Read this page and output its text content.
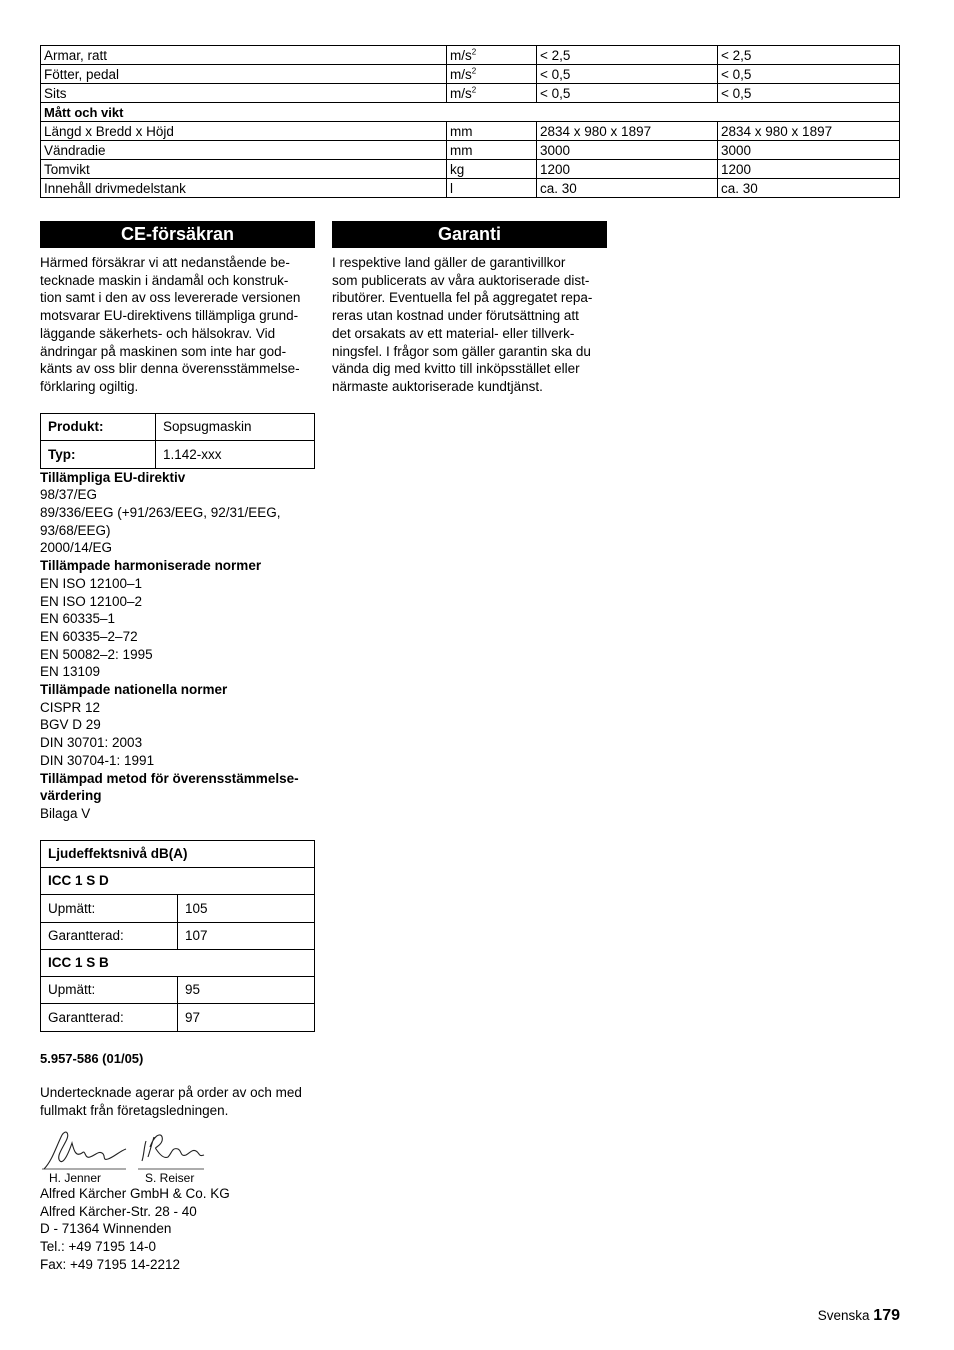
Armar, ratt	$m/s^2$	< 2,5	< 2,5
Fötter, pedal	$m/s^2$	< 0,5	< 0,5
Sits	$m/s^2$	< 0,5	< 0,5
Mått och vikt			
Längd x Bredd x Höjd	mm	2834 x 980 x 1897	2834 x 980 x 1897
Vändradie	mm	3000	3000
Tomvikt	kg	1200	1200
Innehåll drivmedelstank	l	ca. 30	ca. 30
CE-försäkran

Härmed försäkrar vi att nedanstående be-

tecknade maskin i ändamål och konstruk-

tion samt i den av oss levererade versionen

motsvarar EU-direktivens tillämpliga grund-

läggande säkerhets- och hälsokrav. Vid

ändringar på maskinen som inte har god-

känts av oss blir denna överensstämmelse-

förklaring ogiltig.

Produkt:	Sopsugmaskin
Typ:	1.142-xxx

Tillämpliga EU-direktiv

98/37/EG

89/336/EEG (+91/263/EEG, 92/31/EEG,

93/68/EEG)

2000/14/EG

Tillämpade harmoniserade normer

EN ISO 12100–1

EN ISO 12100–2

EN 60335–1

EN 60335–2–72

EN 50082–2: 1995

EN 13109

Tillämpade nationella normer

CISPR 12

BGV D 29

DIN 30701: 2003

DIN 30704-1: 1991

Tillämpad metod för överensstämmelse-

värdering

Bilaga V

Ljudeffektsnivå dB(A)	
ICC 1 S D	
Upmätt:	105
Garantterad:	107
ICC 1 S B	
Upmätt:	95
Garantterad:	97

5.957-586 (01/05)

Undertecknade agerar på order av och med

fullmakt från företagsledningen.

H. Jenner	S. Reiser

Alfred Kärcher GmbH & Co. KG

Alfred Kärcher-Str. 28 - 40

D - 71364 Winnenden

Tel.: +49 7195 14-0

Fax: +49 7195 14-2212

Garanti

I respektive land gäller de garantivillkor

som publicerats av våra auktoriserade dist-

ributörer. Eventuella fel på aggregatet repa-

reras utan kostnad under förutsättning att

det orsakats av ett material- eller tillverk-

ningsfel. I frågor som gäller garantin ska du

vända dig med kvitto till inköpsstället eller

närmaste auktoriserade kundtjänst.

Svenska 179
